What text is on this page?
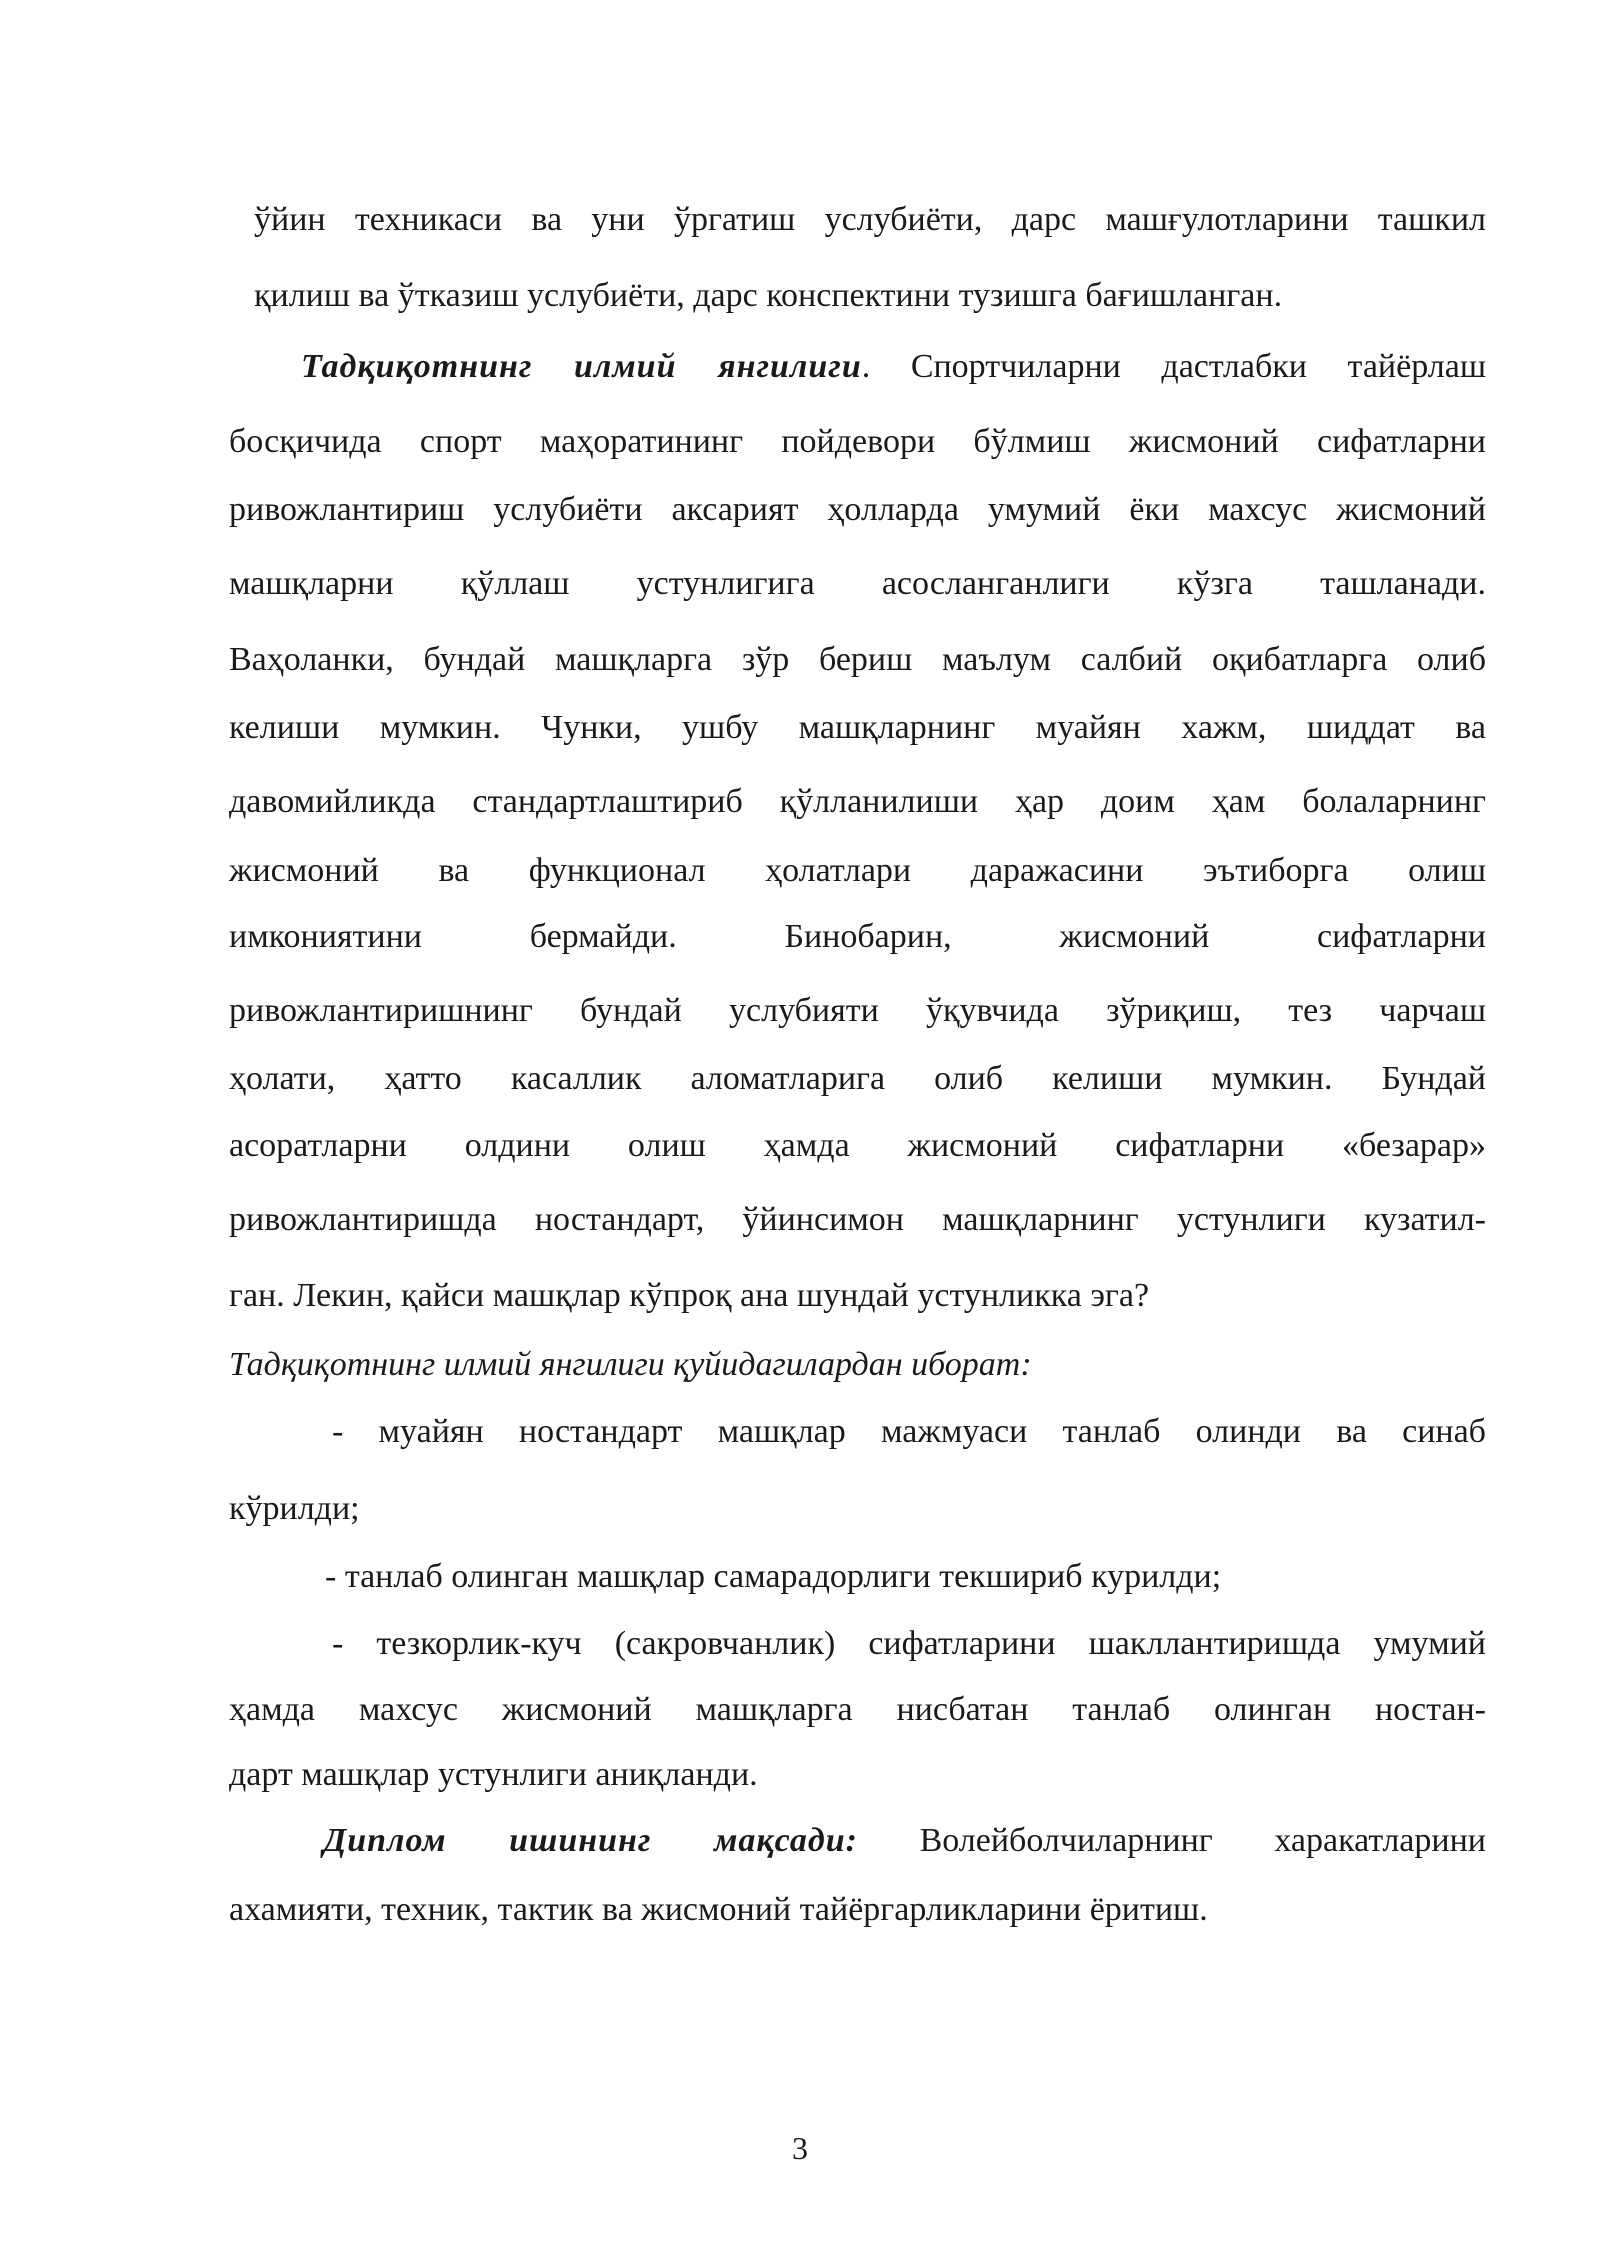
ўйин техникаси ва уни ўргатиш услубиёти, дарс машғулотларини ташкил
қилиш ва ўтказиш услубиёти, дарс конспектини тузишга бағишланган.
Тадқиқотнинг илмий янгилиги. Спортчиларни дастлабки тайёрлаш
босқичида спорт маҳоратининг пойдевори бўлмиш жисмоний сифатларни
ривожлантириш услубиёти аксарият ҳолларда умумий ёки махсус жисмоний
машқларни қўллаш устунлигига асосланганлиги кўзга ташланади.
Ваҳоланки, бундай машқларга зўр бериш маълум салбий оқибатларга олиб
келиши мумкин. Чунки, ушбу машқларнинг муайян хажм, шиддат ва
давомийликда стандартлаштириб қўлланилиши ҳар доим ҳам болаларнинг
жисмоний ва функционал ҳолатлари даражасини эътиборга олиш
имкониятини бермайди. Бинобарин, жисмоний сифатларни
ривожлантиришнинг бундай услубияти ўқувчида зўриқиш, тез чарчаш
ҳолати, ҳатто касаллик аломатларига олиб келиши мумкин. Бундай
асоратларни олдини олиш ҳамда жисмоний сифатларни «безарар»
ривожлантиришда ностандарт, ўйинсимон машқларнинг устунлиги кузатил-
ган. Лекин, қайси машқлар кўпроқ ана шундай устунликка эга?
Тадқиқотнинг илмий янгилиги қуйидагилардан иборат:
- муайян ностандарт машқлар мажмуаси танлаб олинди ва синаб
кўрилди;
- танлаб олинган машқлар самарадорлиги текшириб курилди;
- тезкорлик-куч (сакровчанлик) сифатларини шакллантиришда умумий
ҳамда махсус жисмоний машқларга нисбатан танлаб олинган ностан-
дарт машқлар устунлиги аниқланди.
Диплом ишининг мақсади: Волейболчиларнинг харакатларини
ахамияти, техник, тактик ва жисмоний тайёргарликларини ёритиш.
3
